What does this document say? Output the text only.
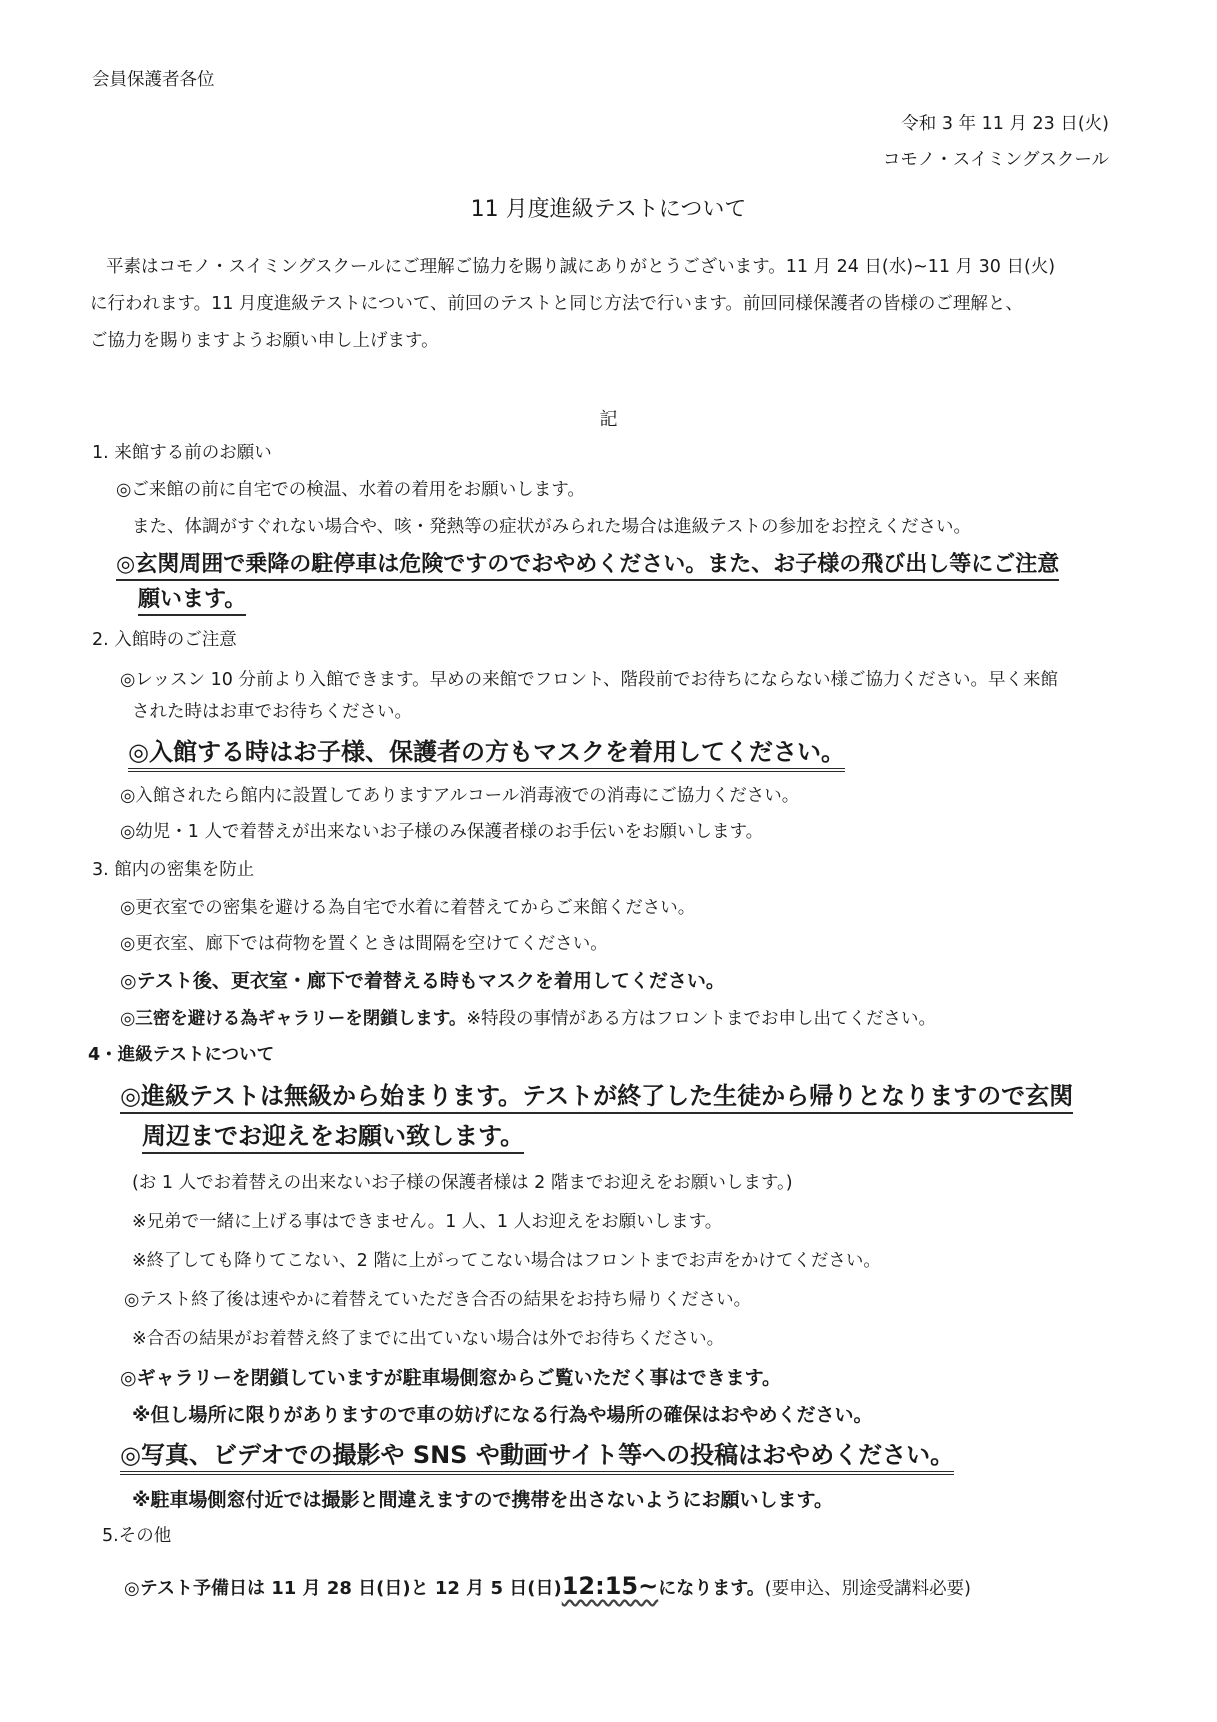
会員保護者各位
令和 3 年 11 月 23 日(火)
コモノ・スイミングスクール
11 月度進級テストについて
平素はコモノ・スイミングスクールにご理解ご協力を賜り誠にありがとうございます。11 月 24 日(水)~11 月 30 日(火)
に行われます。11 月度進級テストについて、前回のテストと同じ方法で行います。前回同様保護者の皆様のご理解と、
ご協力を賜りますようお願い申し上げます。
記
1. 来館する前のお願い
◎ご来館の前に自宅での検温、水着の着用をお願いします。
また、体調がすぐれない場合や、咳・発熱等の症状がみられた場合は進級テストの参加をお控えください。
◎玄関周囲で乗降の駐停車は危険ですのでおやめください。また、お子様の飛び出し等にご注意
願います。
2. 入館時のご注意
◎レッスン 10 分前より入館できます。早めの来館でフロント、階段前でお待ちにならない様ご協力ください。早く来館
された時はお車でお待ちください。
◎入館する時はお子様、保護者の方もマスクを着用してください。
◎入館されたら館内に設置してありますアルコール消毒液での消毒にご協力ください。
◎幼児・1 人で着替えが出来ないお子様のみ保護者様のお手伝いをお願いします。
3. 館内の密集を防止
◎更衣室での密集を避ける為自宅で水着に着替えてからご来館ください。
◎更衣室、廊下では荷物を置くときは間隔を空けてください。
◎テスト後、更衣室・廊下で着替える時もマスクを着用してください。
◎三密を避ける為ギャラリーを閉鎖します。※特段の事情がある方はフロントまでお申し出てください。
4・進級テストについて
◎進級テストは無級から始まります。テストが終了した生徒から帰りとなりますので玄関
周辺までお迎えをお願い致します。
(お 1 人でお着替えの出来ないお子様の保護者様は 2 階までお迎えをお願いします。)
※兄弟で一緒に上げる事はできません。1 人、1 人お迎えをお願いします。
※終了しても降りてこない、2 階に上がってこない場合はフロントまでお声をかけてください。
◎テスト終了後は速やかに着替えていただき合否の結果をお持ち帰りください。
※合否の結果がお着替え終了までに出ていない場合は外でお待ちください。
◎ギャラリーを閉鎖していますが駐車場側窓からご覧いただく事はできます。
※但し場所に限りがありますので車の妨げになる行為や場所の確保はおやめください。
◎写真、ビデオでの撮影や SNS や動画サイト等への投稿はおやめください。
※駐車場側窓付近では撮影と間違えますので携帯を出さないようにお願いします。
5.その他
◎テスト予備日は 11 月 28 日(日)と 12 月 5 日(日)12:15~になります。(要申込、別途受講料必要)
